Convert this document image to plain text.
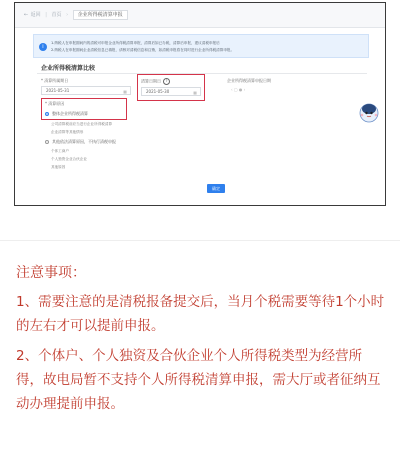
← 返回 | 首页 › 企业所得税清算申报
i
1.纳税人在申报期间内的清税可申报企业所得税清算申报，清算后如已办税，清算后申报，建议清税申报后
2.纳税人在申报期间企业清税信息已填报，请核对清税信息和注销，如清税申报将在同时进行企业所得税清算申报。
企业所得税清算比较
* 清算所属期日
2021-05-31	▦
清算日期日 ?
2021-05-30	▦
企业所得税清算申报日期
‹ ▢ ● ›
* 清算原因
整体企业所得税清算
公司清算税前应当进行企业所得税清算
企业清算等其他情形
其他依法清算原因，不执行清税申报
个体工商户
个人独资企业合伙企业
其他原因
确定
注意事项：
1、需要注意的是清税报备提交后，当月个税需要等待1个小时的左右才可以提前申报。
2、个体户、个人独资及合伙企业个人所得税类型为经营所得，故电局暂不支持个人所得税清算申报，需大厅或者征纳互动办理提前申报。
